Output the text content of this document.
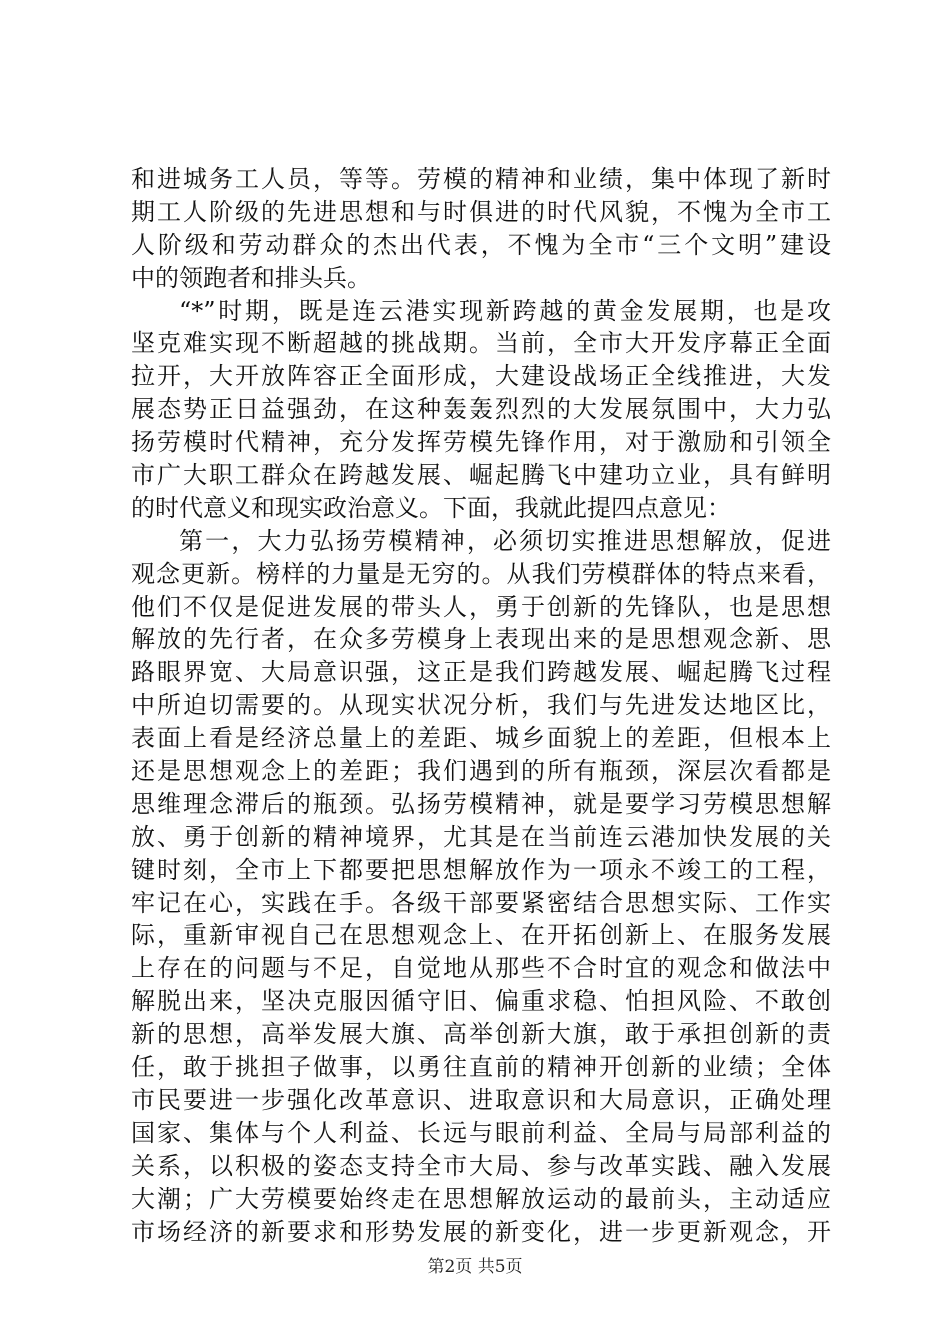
和进城务工人员，等等。劳模的精神和业绩，集中体现了新时
期工人阶级的先进思想和与时俱进的时代风貌，不愧为全市工
人阶级和劳动群众的杰出代表，不愧为全市“三个文明”建设
中的领跑者和排头兵。
“*”时期，既是连云港实现新跨越的黄金发展期，也是攻
坚克难实现不断超越的挑战期。当前，全市大开发序幕正全面
拉开，大开放阵容正全面形成，大建设战场正全线推进，大发
展态势正日益强劲，在这种轰轰烈烈的大发展氛围中，大力弘
扬劳模时代精神，充分发挥劳模先锋作用，对于激励和引领全
市广大职工群众在跨越发展、崛起腾飞中建功立业，具有鲜明
的时代意义和现实政治意义。下面，我就此提四点意见：
第一，大力弘扬劳模精神，必须切实推进思想解放，促进
观念更新。榜样的力量是无穷的。从我们劳模群体的特点来看，
他们不仅是促进发展的带头人，勇于创新的先锋队，也是思想
解放的先行者，在众多劳模身上表现出来的是思想观念新、思
路眼界宽、大局意识强，这正是我们跨越发展、崛起腾飞过程
中所迫切需要的。从现实状况分析，我们与先进发达地区比，
表面上看是经济总量上的差距、城乡面貌上的差距，但根本上
还是思想观念上的差距；我们遇到的所有瓶颈，深层次看都是
思维理念滞后的瓶颈。弘扬劳模精神，就是要学习劳模思想解
放、勇于创新的精神境界，尤其是在当前连云港加快发展的关
键时刻，全市上下都要把思想解放作为一项永不竣工的工程，
牢记在心，实践在手。各级干部要紧密结合思想实际、工作实
际，重新审视自己在思想观念上、在开拓创新上、在服务发展
上存在的问题与不足，自觉地从那些不合时宜的观念和做法中
解脱出来，坚决克服因循守旧、偏重求稳、怕担风险、不敢创
新的思想，高举发展大旗、高举创新大旗，敢于承担创新的责
任，敢于挑担子做事，以勇往直前的精神开创新的业绩；全体
市民要进一步强化改革意识、进取意识和大局意识，正确处理
国家、集体与个人利益、长远与眼前利益、全局与局部利益的
关系，以积极的姿态支持全市大局、参与改革实践、融入发展
大潮；广大劳模要始终走在思想解放运动的最前头，主动适应
市场经济的新要求和形势发展的新变化，进一步更新观念，开
第2页 共5页
